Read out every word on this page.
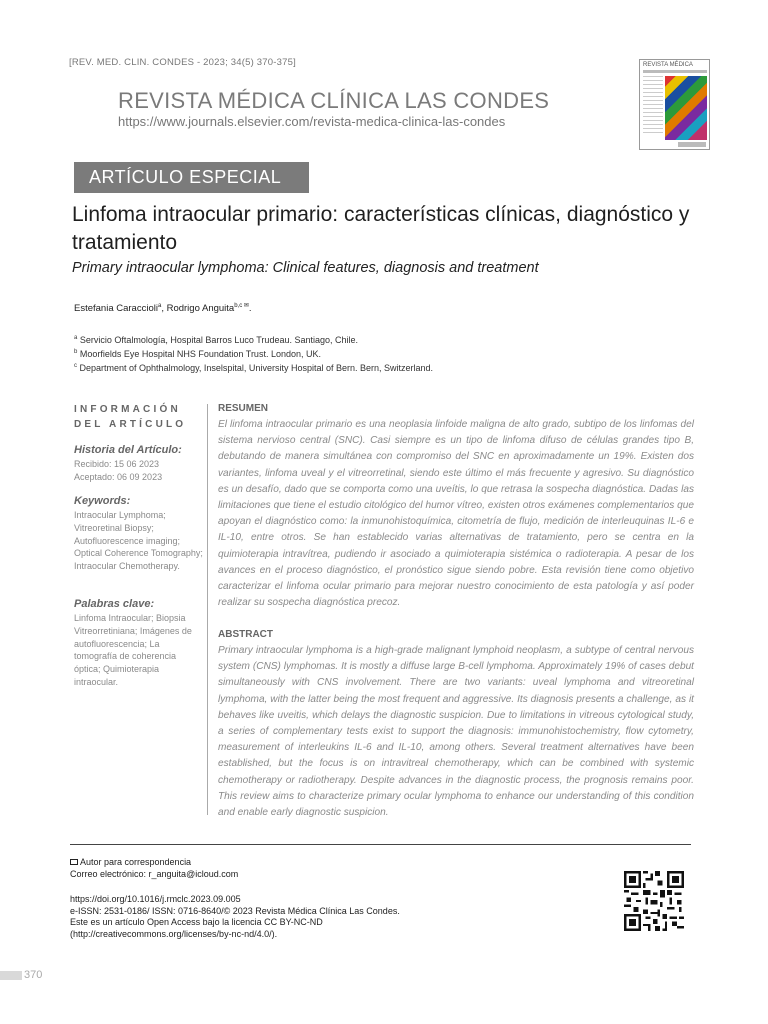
[REV. MED. CLIN. CONDES - 2023; 34(5) 370-375]
REVISTA MÉDICA CLÍNICA LAS CONDES
https://www.journals.elsevier.com/revista-medica-clinica-las-condes
REVISTA MÉDICA
ARTÍCULO ESPECIAL
Linfoma intraocular primario: características clínicas, diagnóstico y tratamiento
Primary intraocular lymphoma: Clinical features, diagnosis and treatment
Estefania Caraccioli$^a$, Rodrigo Anguita$^{b,c ✉}$.
$^a$ Servicio Oftalmología, Hospital Barros Luco Trudeau. Santiago, Chile.
$^b$ Moorfields Eye Hospital NHS Foundation Trust. London, UK.
$^c$ Department of Ophthalmology, Inselspital, University Hospital of Bern. Bern, Switzerland.
INFORMACIÓN
DEL ARTÍCULO
Historia del Artículo:
Recibido: 15 06 2023
Aceptado: 06 09 2023
Keywords:
Intraocular Lymphoma; Vitreoretinal Biopsy; Autofluorescence imaging; Optical Coherence Tomography; Intraocular Chemotherapy.
Palabras clave:
Linfoma Intraocular; Biopsia Vitreorretiniana; Imágenes de autofluorescencia; La tomografía de coherencia óptica; Quimioterapia intraocular.
RESUMEN
El linfoma intraocular primario es una neoplasia linfoide maligna de alto grado, subtipo de los linfomas del sistema nervioso central (SNC). Casi siempre es un tipo de linfoma difuso de células grandes tipo B, debutando de manera simultánea con compromiso del SNC en aproximadamente un 19%. Existen dos variantes, linfoma uveal y el vitreorretinal, siendo este último el más frecuente y agresivo. Su diagnóstico es un desafío, dado que se comporta como una uveítis, lo que retrasa la sospecha diagnóstica. Dadas las limitaciones que tiene el estudio citológico del humor vítreo, existen otros exámenes complementarios que apoyan el diagnóstico como: la inmunohistoquímica, citometría de flujo, medición de interleuquinas IL-6 e IL-10, entre otros. Se han establecido varias alternativas de tratamiento, pero se centra en la quimioterapia intravítrea, pudiendo ir asociado a quimioterapia sistémica o radioterapia. A pesar de los avances en el proceso diagnóstico, el pronóstico sigue siendo pobre. Esta revisión tiene como objetivo caracterizar el linfoma ocular primario para mejorar nuestro conocimiento de esta patología y así poder realizar su sospecha diagnóstica precoz.
ABSTRACT
Primary intraocular lymphoma is a high-grade malignant lymphoid neoplasm, a subtype of central nervous system (CNS) lymphomas. It is mostly a diffuse large B-cell lymphoma. Approximately 19% of cases debut simultaneously with CNS involvement. There are two variants: uveal lymphoma and vitreoretinal lymphoma, with the latter being the most frequent and aggressive. Its diagnosis presents a challenge, as it behaves like uveitis, which delays the diagnostic suspicion. Due to limitations in vitreous cytological study, a series of complementary tests exist to support the diagnosis: immunohistochemistry, flow cytometry, measurement of interleukins IL-6 and IL-10, among others. Several treatment alternatives have been established, but the focus is on intravitreal chemotherapy, which can be combined with systemic chemotherapy or radiotherapy. Despite advances in the diagnostic process, the prognosis remains poor. This review aims to characterize primary ocular lymphoma to enhance our understanding of this condition and enable early diagnostic suspicion.
Autor para correspondencia
Correo electrónico: r_anguita@icloud.com
https://doi.org/10.1016/j.rmclc.2023.09.005
e-ISSN: 2531-0186/ ISSN: 0716-8640/© 2023 Revista Médica Clínica Las Condes.
Este es un artículo Open Access bajo la licencia CC BY-NC-ND
(http://creativecommons.org/licenses/by-nc-nd/4.0/).
370
